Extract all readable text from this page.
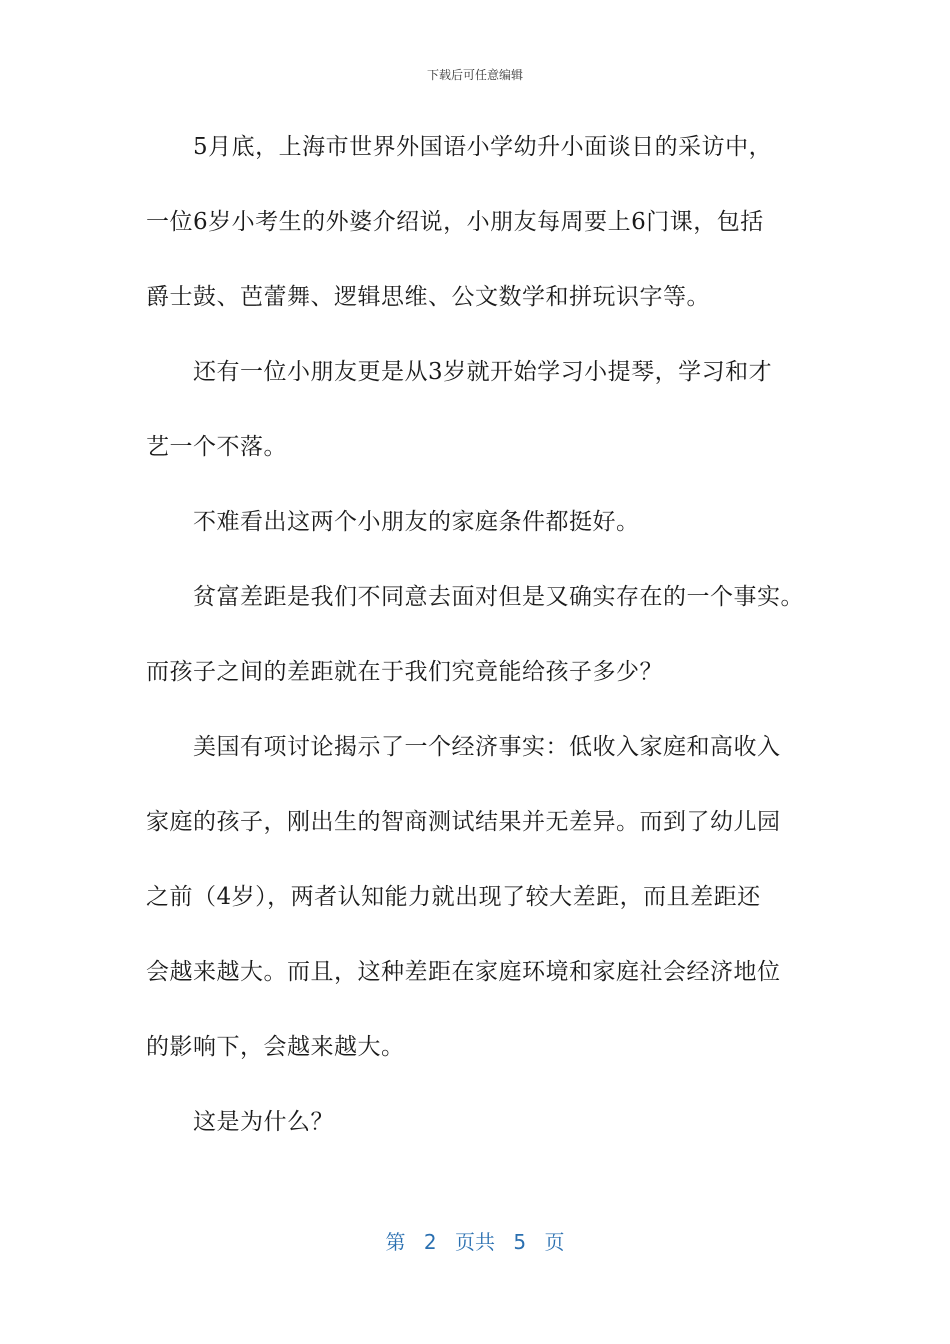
下载后可任意编辑
5月底，上海市世界外国语小学幼升小面谈日的采访中，
一位6岁小考生的外婆介绍说，小朋友每周要上6门课，包括
爵士鼓、芭蕾舞、逻辑思维、公文数学和拼玩识字等。
还有一位小朋友更是从3岁就开始学习小提琴，学习和才
艺一个不落。
不难看出这两个小朋友的家庭条件都挺好。
贫富差距是我们不同意去面对但是又确实存在的一个事实。
而孩子之间的差距就在于我们究竟能给孩子多少？
美国有项讨论揭示了一个经济事实：低收入家庭和高收入
家庭的孩子，刚出生的智商测试结果并无差异。而到了幼儿园
之前（4岁），两者认知能力就出现了较大差距，而且差距还
会越来越大。而且，这种差距在家庭环境和家庭社会经济地位
的影响下，会越来越大。
这是为什么？
第 2 页共 5 页
